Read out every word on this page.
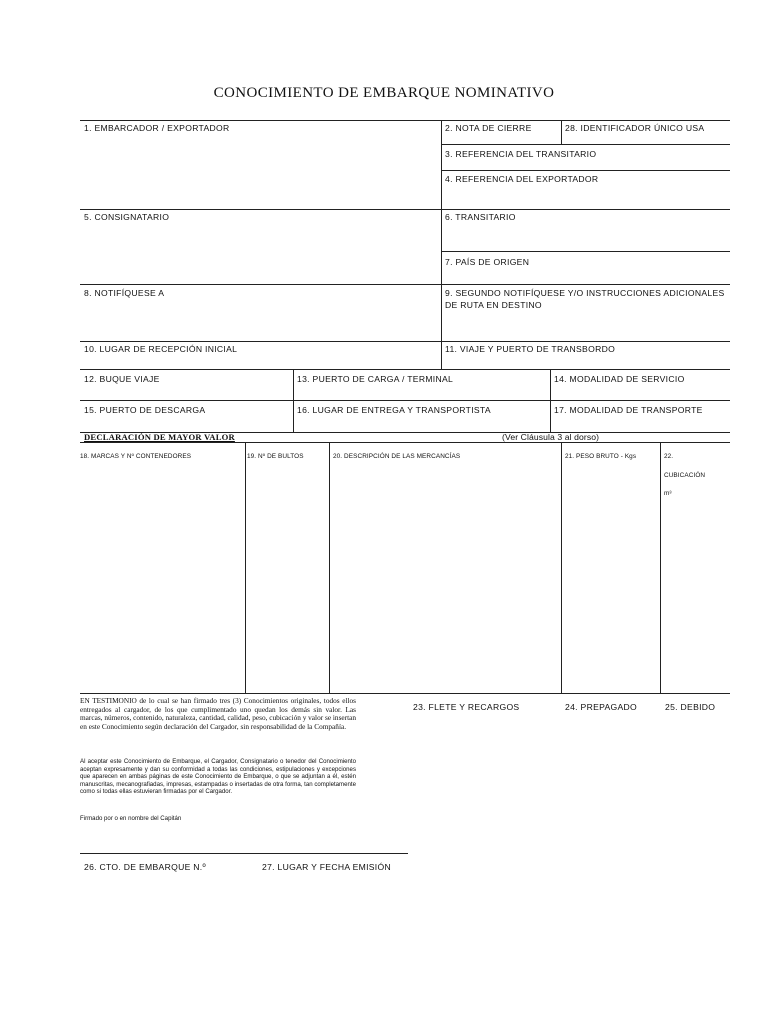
CONOCIMIENTO DE EMBARQUE NOMINATIVO
1. EMBARCADOR / EXPORTADOR	2. NOTA DE CIERRE	28. IDENTIFICADOR ÚNICO USA
3. REFERENCIA DEL TRANSITARIO
4. REFERENCIA DEL EXPORTADOR
5. CONSIGNATARIO	6. TRANSITARIO
7. PAÍS DE ORIGEN
8. NOTIFÍQUESE A	9. SEGUNDO NOTIFÍQUESE Y/O INSTRUCCIONES ADICIONALES DE RUTA EN DESTINO
10. LUGAR DE RECEPCIÓN INICIAL	11. VIAJE Y PUERTO DE TRANSBORDO
12. BUQUE VIAJE	13. PUERTO DE CARGA / TERMINAL	14. MODALIDAD DE SERVICIO
15. PUERTO DE DESCARGA	16. LUGAR DE ENTREGA Y TRANSPORTISTA	17. MODALIDAD DE TRANSPORTE
DECLARACIÓN DE MAYOR VALOR	(Ver Cláusula 3 al dorso)
18. MARCAS Y Nº CONTENEDORES	19. Nº DE BULTOS	20. DESCRIPCIÓN DE LAS MERCANCÍAS	21. PESO BRUTO - Kgs	22.
CUBICACIÓN
m³
EN TESTIMONIO de lo cual se han firmado tres (3) Conocimientos originales, todos ellos entregados al cargador, de los que cumplimentado uno quedan los demás sin valor. Las marcas, números, contenido, naturaleza, cantidad, calidad, peso, cubicación y valor se insertan en este Conocimiento según declaración del Cargador, sin responsabilidad de la Compañía.
Al aceptar este Conocimiento de Embarque, el Cargador, Consignatario o tenedor del Conocimiento aceptan expresamente y dan su conformidad a todas las condiciones, estipulaciones y excepciones que aparecen en ambas páginas de este Conocimiento de Embarque, o que se adjuntan a él, estén manuscritas, mecanografiadas, impresas, estampadas o insertadas de otra forma, tan completamente como si todas ellas estuvieran firmadas por el Cargador.
Firmado por o en nombre del Capitán
23. FLETE Y RECARGOS	24. PREPAGADO	25. DEBIDO
26. CTO. DE EMBARQUE N.º	27. LUGAR Y FECHA EMISIÓN
